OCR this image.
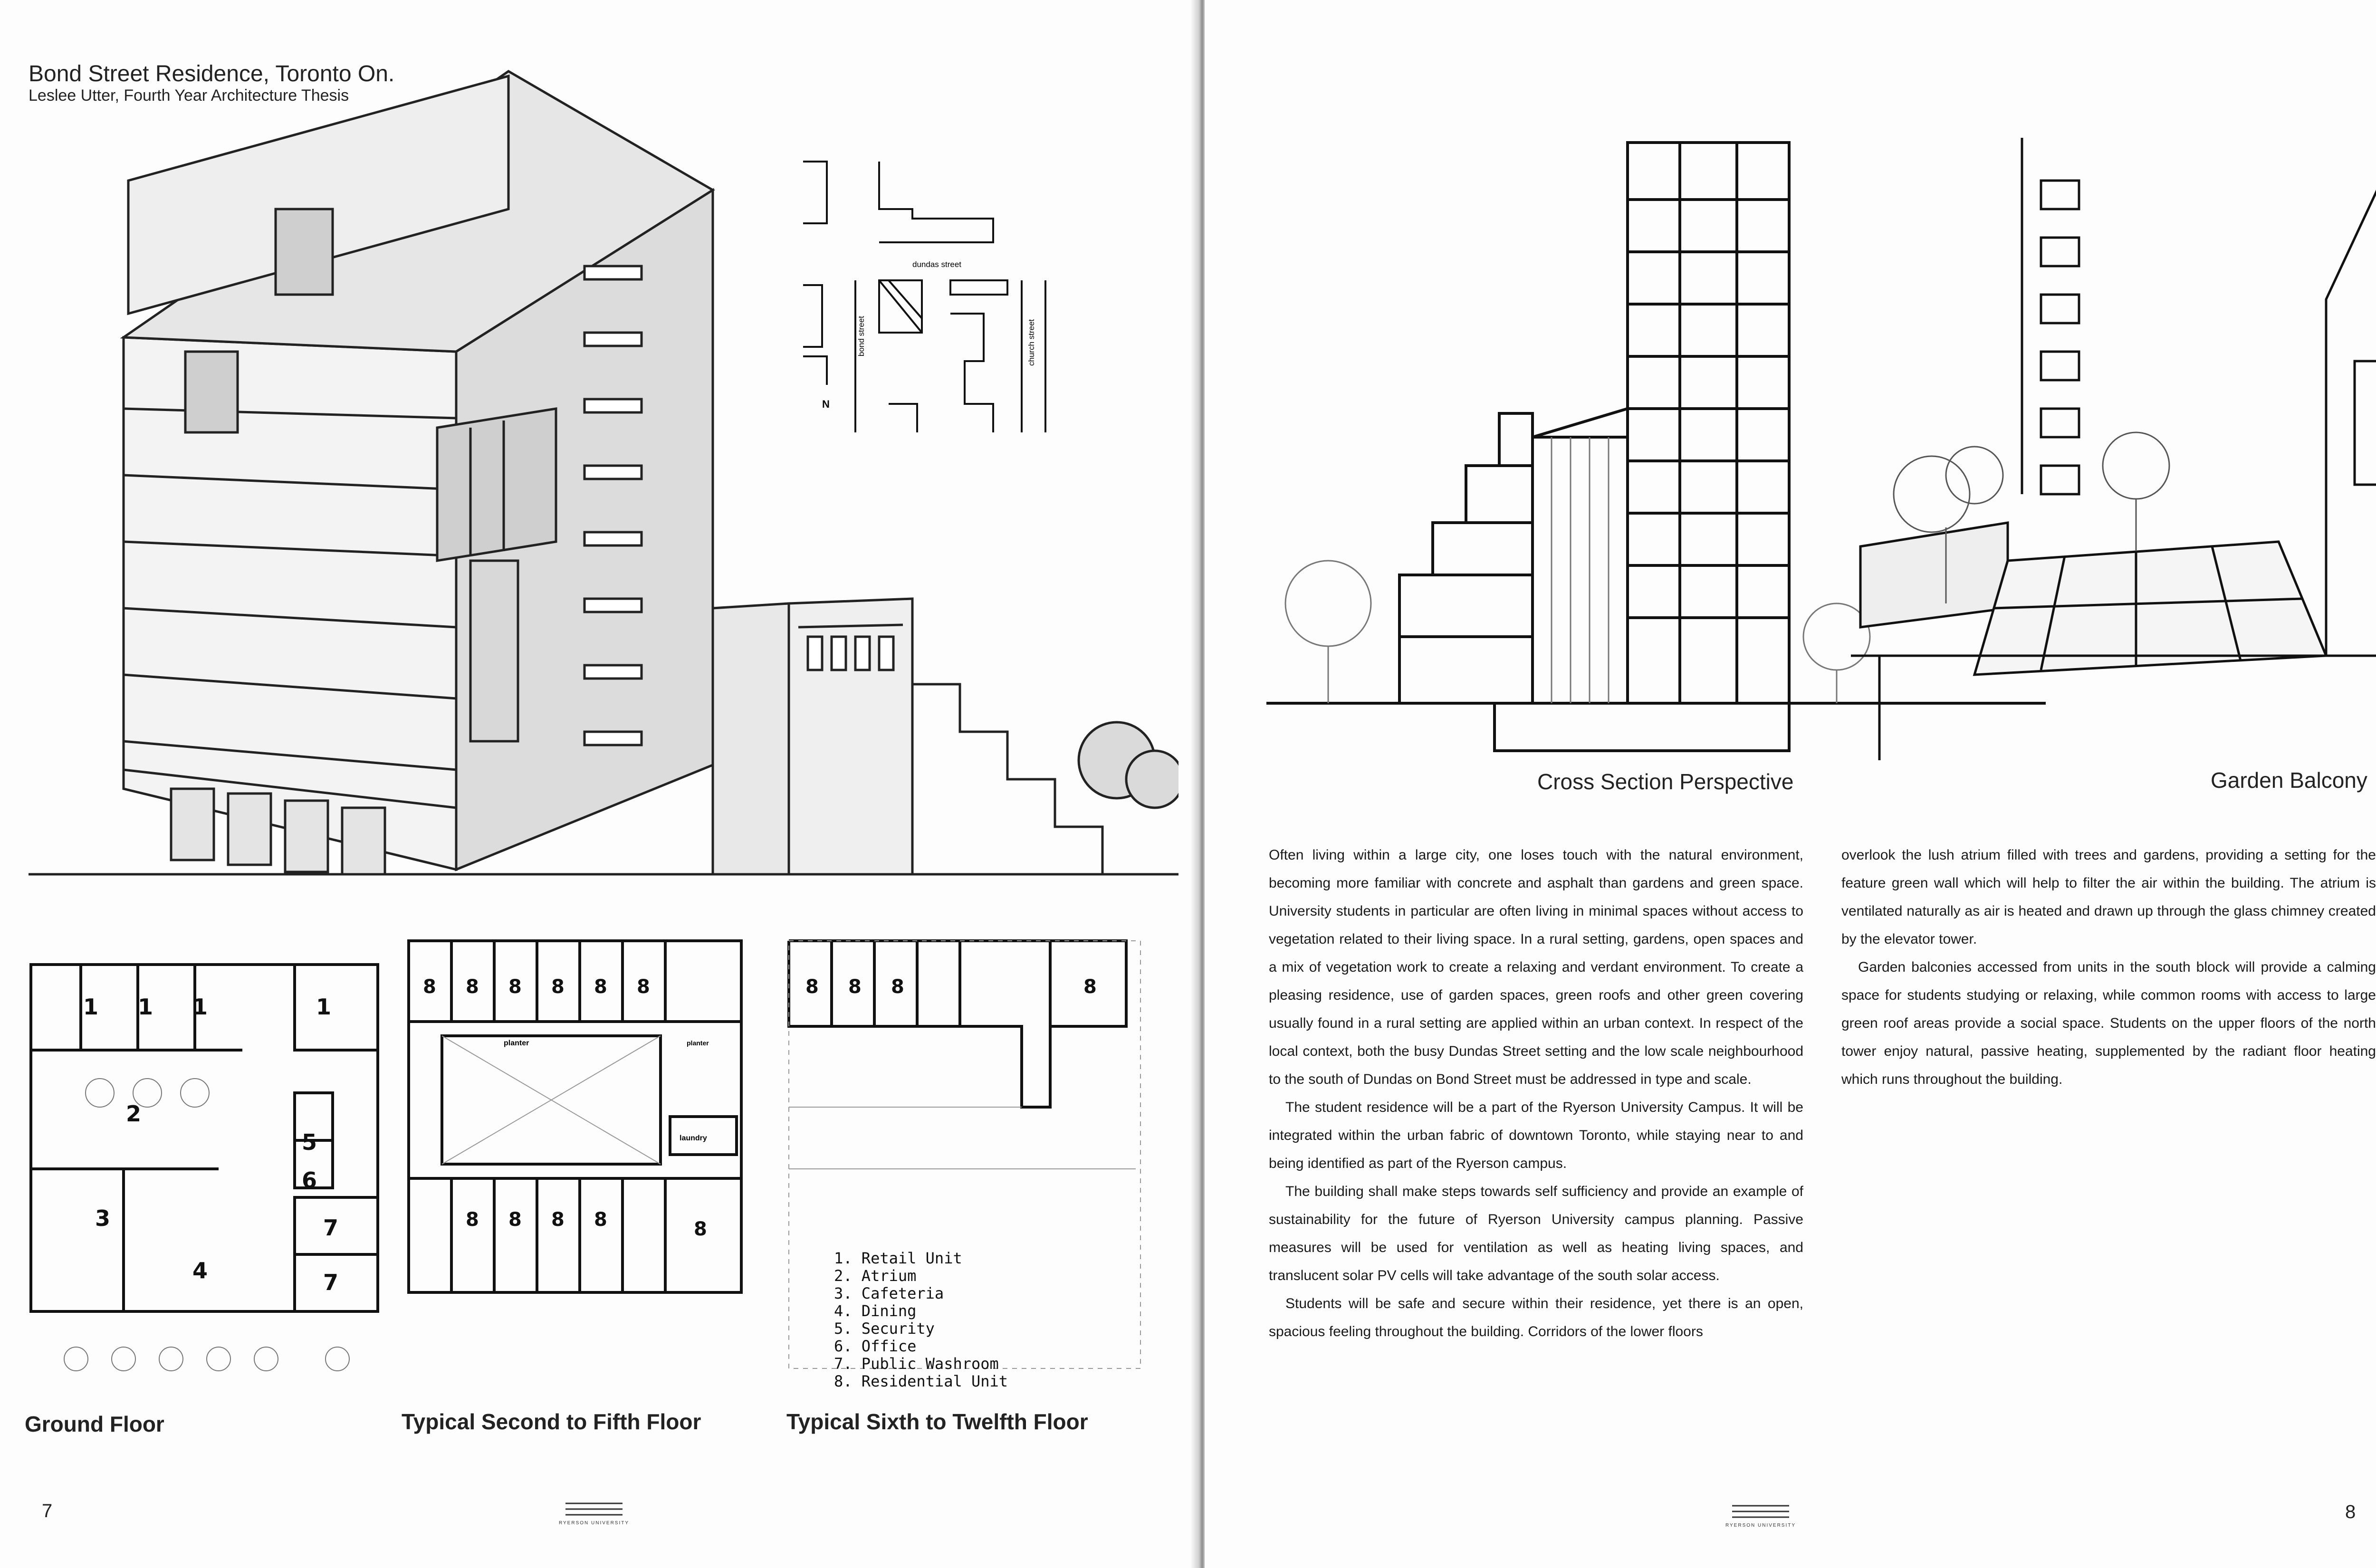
Bond Street Residence, Toronto On.
Leslee Utter, Fourth Year Architecture Thesis
dundas street
bond street	church street
N
1 1 1	1
2
3
4
5
6
7
7
planter	planter
laundry
8 8 8 8 8 8
8 8 8 8	8
8 8 8	8
1. Retail Unit
2. Atrium
3. Cafeteria
4. Dining
5. Security
6. Office
7. Public Washroom
8. Residential Unit
Ground Floor	Typical Second to Fifth Floor	Typical Sixth to Twelfth Floor
7
RYERSON UNIVERSITY
Cross Section Perspective	Garden Balcony

Often living within a large city, one loses touch with the natural environment, becoming more familiar with concrete and asphalt than gardens and green space. University students in particular are often living in minimal spaces without access to vegetation related to their living space. In a rural setting, gardens, open spaces and a mix of vegetation work to create a relaxing and verdant environment. To create a pleasing residence, use of garden spaces, green roofs and other green covering usually found in a rural setting are applied within an urban context. In respect of the local context, both the busy Dundas Street setting and the low scale neighbourhood to the south of Dundas on Bond Street must be addressed in type and scale.

The student residence will be a part of the Ryerson University Campus. It will be integrated within the urban fabric of downtown Toronto, while staying near to and being identified as part of the Ryerson campus.

The building shall make steps towards self sufficiency and provide an example of sustainability for the future of Ryerson University campus planning. Passive measures will be used for ventilation as well as heating living spaces, and translucent solar PV cells will take advantage of the south solar access.

Students will be safe and secure within their residence, yet there is an open, spacious feeling throughout the building. Corridors of the lower floors

overlook the lush atrium filled with trees and gardens, providing a setting for the feature green wall which will help to filter the air within the building. The atrium is ventilated naturally as air is heated and drawn up through the glass chimney created by the elevator tower.

Garden balconies accessed from units in the south block will provide a calming space for students studying or relaxing, while common rooms with access to large green roof areas provide a social space. Students on the upper floors of the north tower enjoy natural, passive heating, supplemented by the radiant floor heating which runs throughout the building.

RYERSON UNIVERSITY
8
